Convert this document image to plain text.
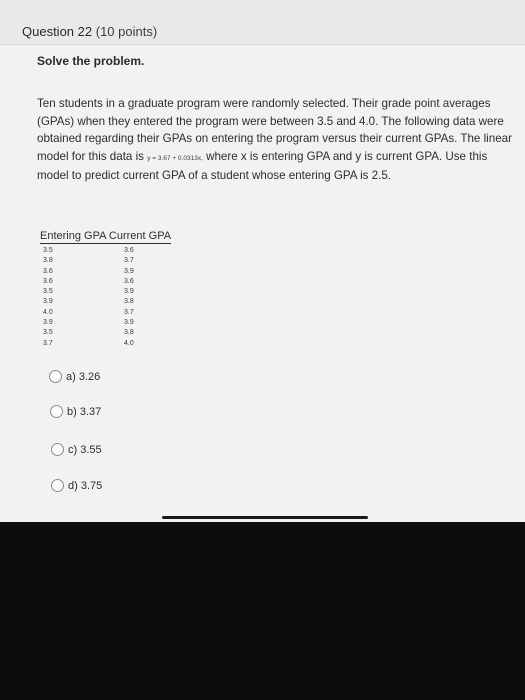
Question 22 (10 points)
Solve the problem.
Ten students in a graduate program were randomly selected. Their grade point averages (GPAs) when they entered the program were between 3.5 and 4.0. The following data were obtained regarding their GPAs on entering the program versus their current GPAs. The linear model for this data is y = 3.67 + 0.0313x, where x is entering GPA and y is current GPA. Use this model to predict current GPA of a student whose entering GPA is 2.5.
Entering GPA Current GPA
3.5	3.6
3.8	3.7
3.6	3.9
3.6	3.6
3.5	3.9
3.9	3.8
4.0	3.7
3.9	3.9
3.5	3.8
3.7	4.0
a) 3.26
b) 3.37
c) 3.55
d) 3.75
